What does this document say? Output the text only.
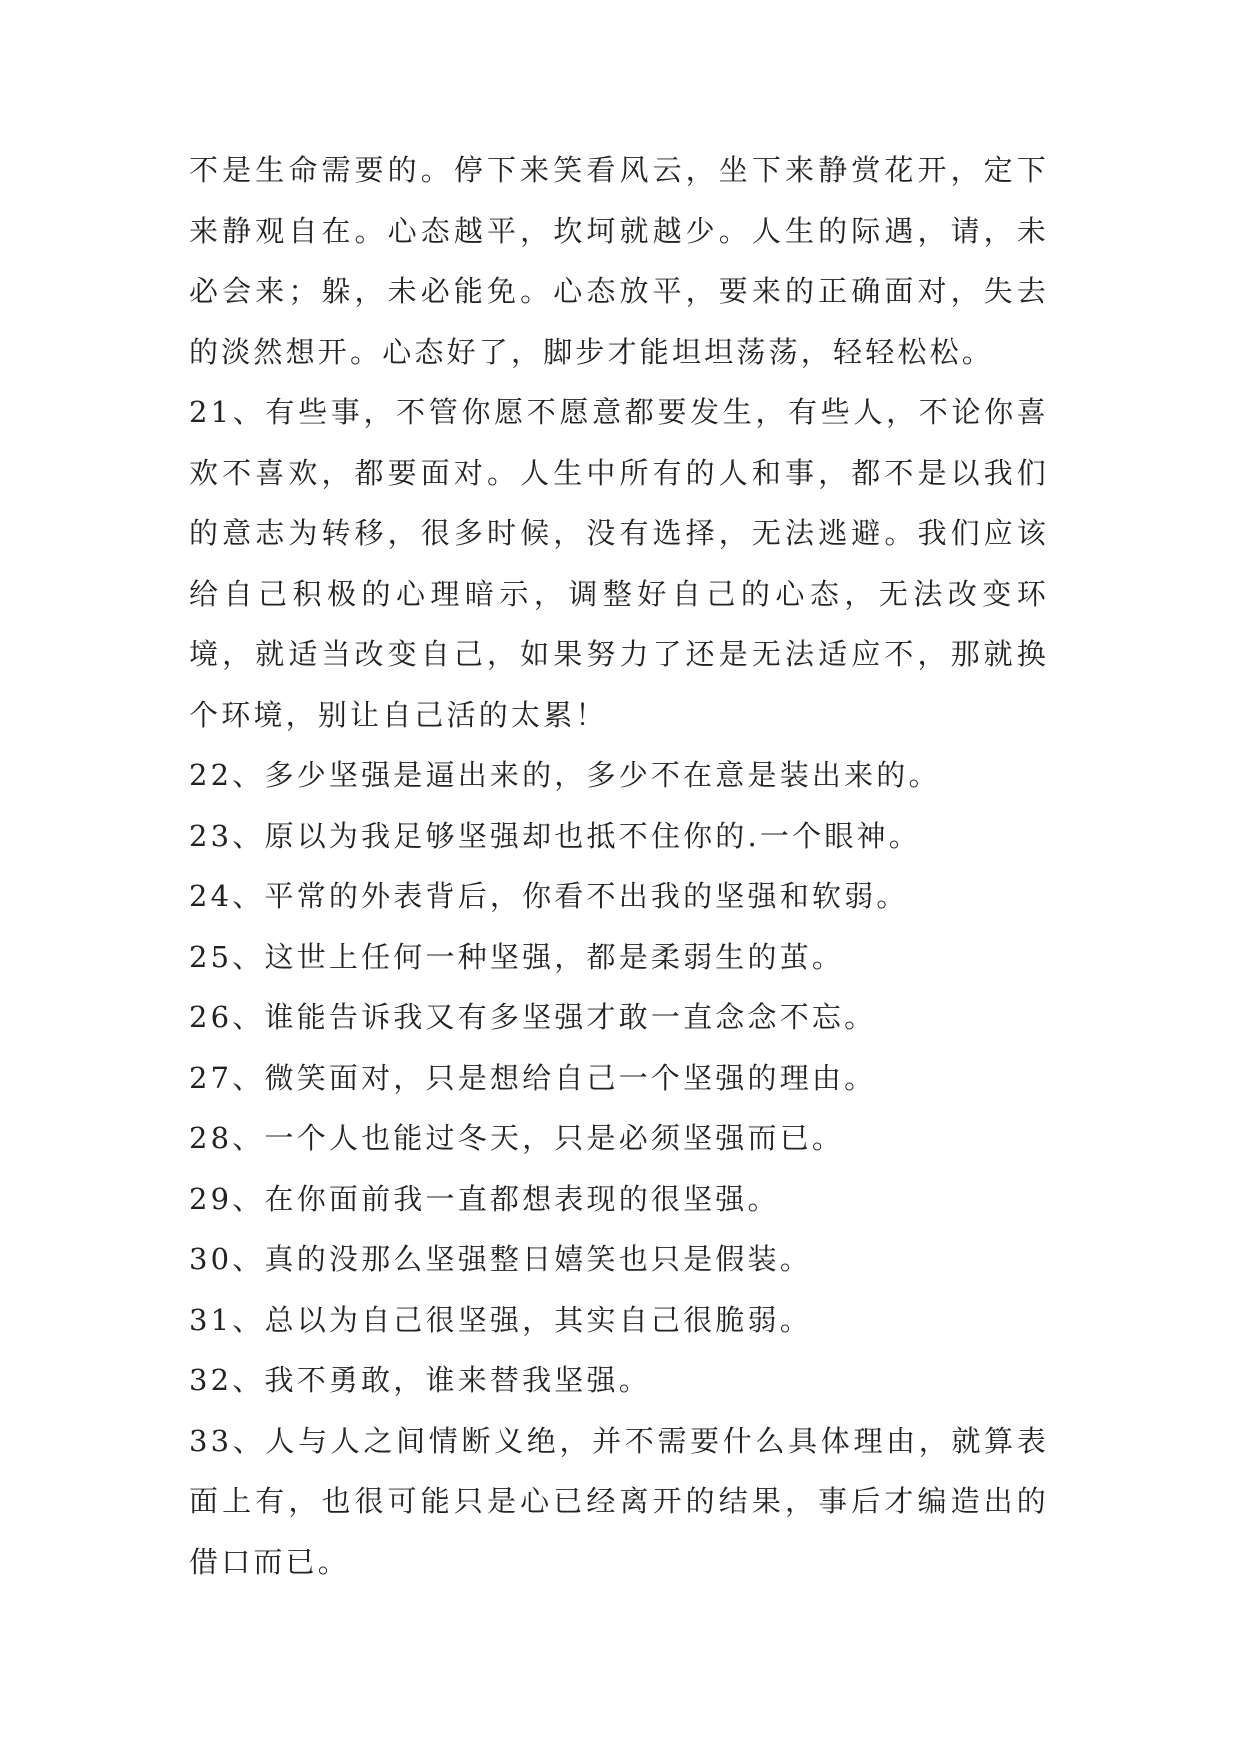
不是生命需要的。停下来笑看风云，坐下来静赏花开，定下来静观自在。心态越平，坎坷就越少。人生的际遇，请，未必会来；躲，未必能免。心态放平，要来的正确面对，失去的淡然想开。心态好了，脚步才能坦坦荡荡，轻轻松松。

21、有些事，不管你愿不愿意都要发生，有些人，不论你喜欢不喜欢，都要面对。人生中所有的人和事，都不是以我们的意志为转移，很多时候，没有选择，无法逃避。我们应该给自己积极的心理暗示，调整好自己的心态，无法改变环境，就适当改变自己，如果努力了还是无法适应不，那就换个环境，别让自己活的太累！

22、多少坚强是逼出来的，多少不在意是装出来的。

23、原以为我足够坚强却也抵不住你的.一个眼神。

24、平常的外表背后，你看不出我的坚强和软弱。

25、这世上任何一种坚强，都是柔弱生的茧。

26、谁能告诉我又有多坚强才敢一直念念不忘。

27、微笑面对，只是想给自己一个坚强的理由。

28、一个人也能过冬天，只是必须坚强而已。

29、在你面前我一直都想表现的很坚强。

30、真的没那么坚强整日嬉笑也只是假装。

31、总以为自己很坚强，其实自己很脆弱。

32、我不勇敢，谁来替我坚强。

33、人与人之间情断义绝，并不需要什么具体理由，就算表面上有，也很可能只是心已经离开的结果，事后才编造出的借口而已。
